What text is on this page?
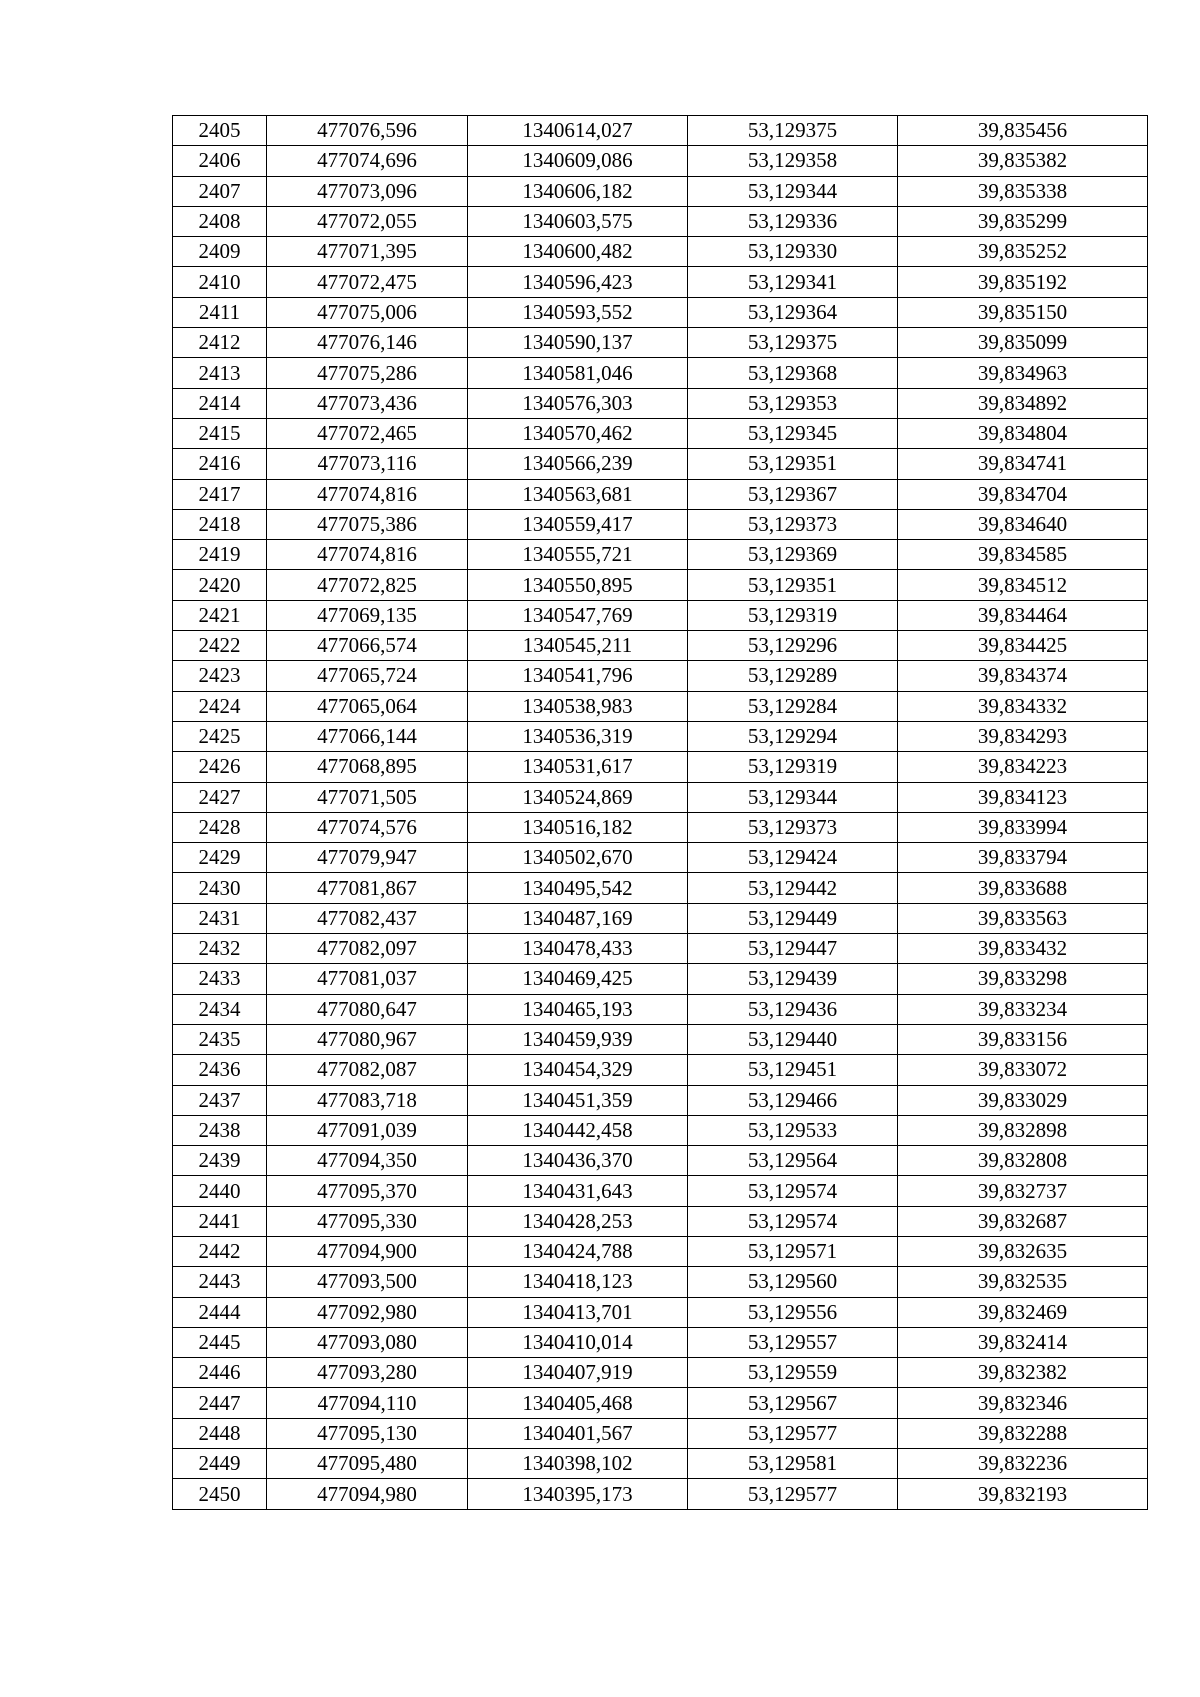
2405	477076,596	1340614,027	53,129375	39,835456
2406	477074,696	1340609,086	53,129358	39,835382
2407	477073,096	1340606,182	53,129344	39,835338
2408	477072,055	1340603,575	53,129336	39,835299
2409	477071,395	1340600,482	53,129330	39,835252
2410	477072,475	1340596,423	53,129341	39,835192
2411	477075,006	1340593,552	53,129364	39,835150
2412	477076,146	1340590,137	53,129375	39,835099
2413	477075,286	1340581,046	53,129368	39,834963
2414	477073,436	1340576,303	53,129353	39,834892
2415	477072,465	1340570,462	53,129345	39,834804
2416	477073,116	1340566,239	53,129351	39,834741
2417	477074,816	1340563,681	53,129367	39,834704
2418	477075,386	1340559,417	53,129373	39,834640
2419	477074,816	1340555,721	53,129369	39,834585
2420	477072,825	1340550,895	53,129351	39,834512
2421	477069,135	1340547,769	53,129319	39,834464
2422	477066,574	1340545,211	53,129296	39,834425
2423	477065,724	1340541,796	53,129289	39,834374
2424	477065,064	1340538,983	53,129284	39,834332
2425	477066,144	1340536,319	53,129294	39,834293
2426	477068,895	1340531,617	53,129319	39,834223
2427	477071,505	1340524,869	53,129344	39,834123
2428	477074,576	1340516,182	53,129373	39,833994
2429	477079,947	1340502,670	53,129424	39,833794
2430	477081,867	1340495,542	53,129442	39,833688
2431	477082,437	1340487,169	53,129449	39,833563
2432	477082,097	1340478,433	53,129447	39,833432
2433	477081,037	1340469,425	53,129439	39,833298
2434	477080,647	1340465,193	53,129436	39,833234
2435	477080,967	1340459,939	53,129440	39,833156
2436	477082,087	1340454,329	53,129451	39,833072
2437	477083,718	1340451,359	53,129466	39,833029
2438	477091,039	1340442,458	53,129533	39,832898
2439	477094,350	1340436,370	53,129564	39,832808
2440	477095,370	1340431,643	53,129574	39,832737
2441	477095,330	1340428,253	53,129574	39,832687
2442	477094,900	1340424,788	53,129571	39,832635
2443	477093,500	1340418,123	53,129560	39,832535
2444	477092,980	1340413,701	53,129556	39,832469
2445	477093,080	1340410,014	53,129557	39,832414
2446	477093,280	1340407,919	53,129559	39,832382
2447	477094,110	1340405,468	53,129567	39,832346
2448	477095,130	1340401,567	53,129577	39,832288
2449	477095,480	1340398,102	53,129581	39,832236
2450	477094,980	1340395,173	53,129577	39,832193
